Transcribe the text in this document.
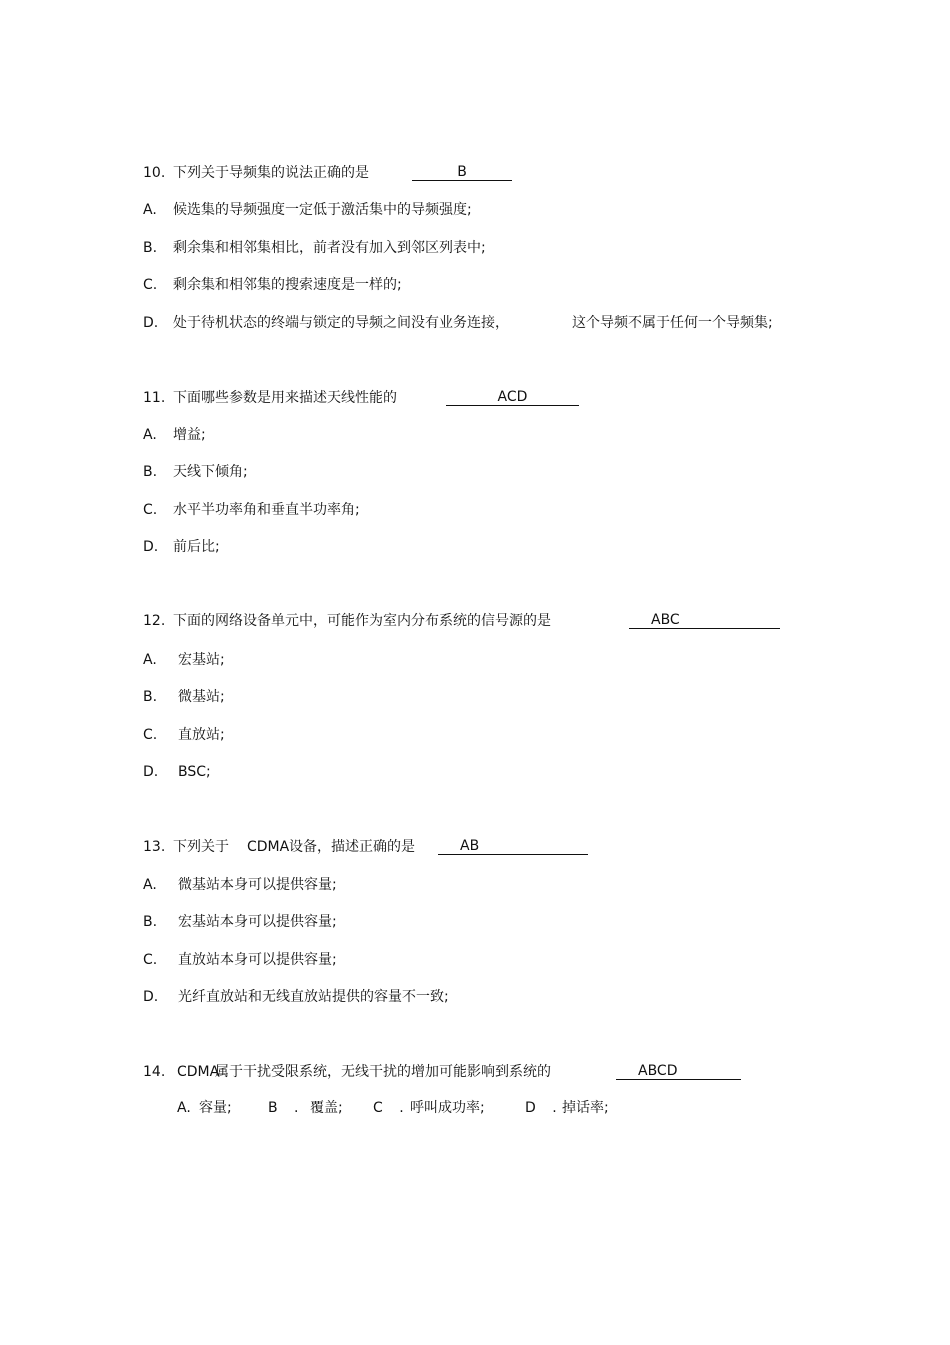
10. 下列关于导频集的说法正确的是	B
A. 候选集的导频强度一定低于激活集中的导频强度;
B. 剩余集和相邻集相比，前者没有加入到邻区列表中;
C. 剩余集和相邻集的搜索速度是一样的;
D. 处于待机状态的终端与锁定的导频之间没有业务连接，	这个导频不属于任何一个导频集;
11. 下面哪些参数是用来描述天线性能的	ACD
A. 增益;
B. 天线下倾角;
C. 水平半功率角和垂直半功率角;
D. 前后比;
12. 下面的网络设备单元中，可能作为室内分布系统的信号源的是	ABC
A. 宏基站;
B. 微基站;
C. 直放站;
D. BSC;
13. 下列关于 CDMA 设备，描述正确的是	AB
A. 微基站本身可以提供容量;
B. 宏基站本身可以提供容量;
C. 直放站本身可以提供容量;
D. 光纤直放站和无线直放站提供的容量不一致;
14. CDMA
属于干扰受限系统，无线干扰的增加可能影响到系统的	ABCD
A. 容量;	B . 覆盖; C . 呼叫成功率;	D . 掉话率;
